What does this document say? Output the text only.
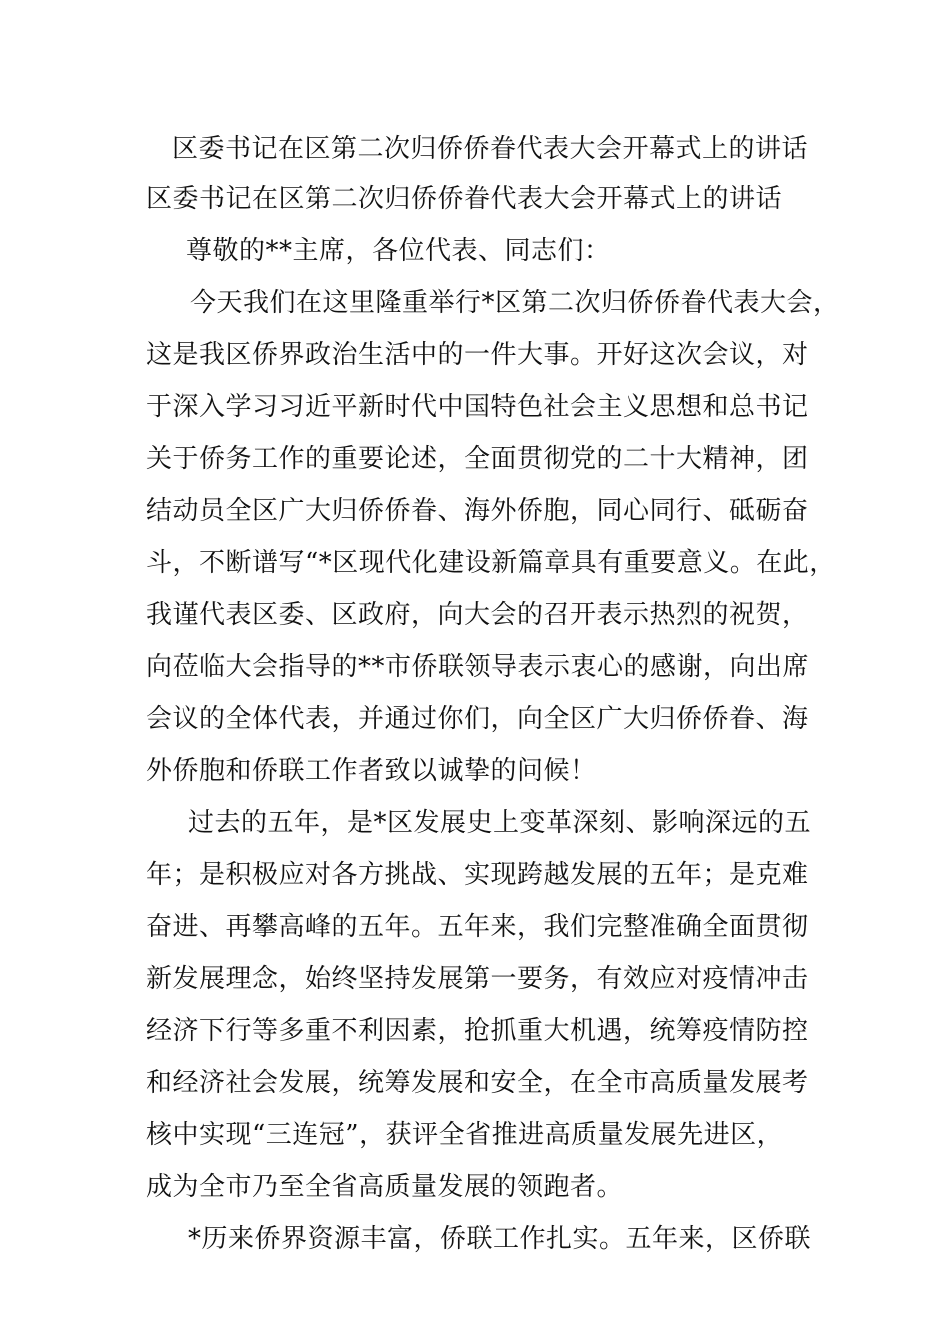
区委书记在区第二次归侨侨眷代表大会开幕式上的讲话
区委书记在区第二次归侨侨眷代表大会开幕式上的讲话
尊敬的**主席，各位代表、同志们：
今天我们在这里隆重举行*区第二次归侨侨眷代表大会，
这是我区侨界政治生活中的一件大事。开好这次会议，对
于深入学习习近平新时代中国特色社会主义思想和总书记
关于侨务工作的重要论述，全面贯彻党的二十大精神，团
结动员全区广大归侨侨眷、海外侨胞，同心同行、砥砺奋
斗，不断谱写“*区现代化建设新篇章具有重要意义。在此，
我谨代表区委、区政府，向大会的召开表示热烈的祝贺，
向莅临大会指导的**市侨联领导表示衷心的感谢，向出席
会议的全体代表，并通过你们，向全区广大归侨侨眷、海
外侨胞和侨联工作者致以诚挚的问候！
过去的五年，是*区发展史上变革深刻、影响深远的五
年；是积极应对各方挑战、实现跨越发展的五年；是克难
奋进、再攀高峰的五年。五年来，我们完整准确全面贯彻
新发展理念，始终坚持发展第一要务，有效应对疫情冲击
经济下行等多重不利因素，抢抓重大机遇，统筹疫情防控
和经济社会发展，统筹发展和安全，在全市高质量发展考
核中实现“三连冠”，获评全省推进高质量发展先进区，
成为全市乃至全省高质量发展的领跑者。
*历来侨界资源丰富，侨联工作扎实。五年来，区侨联
